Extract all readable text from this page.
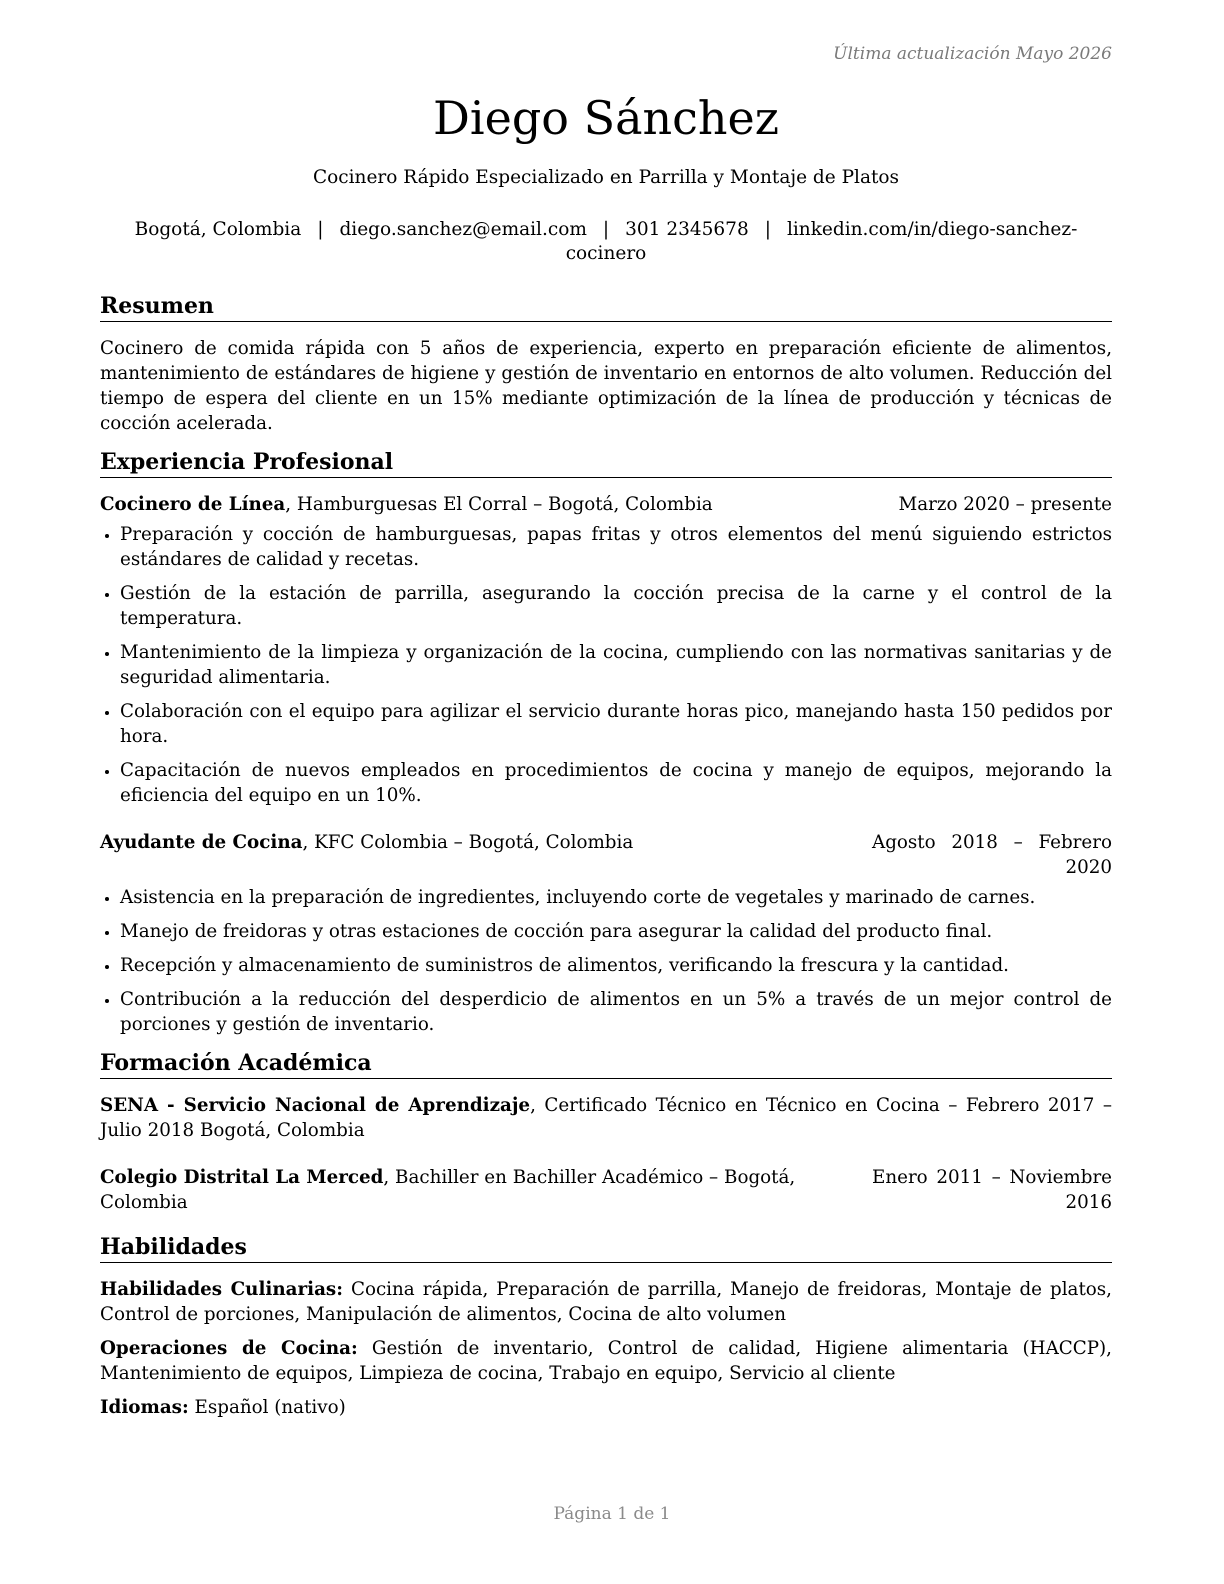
Última actualización Mayo 2026
Diego Sánchez
Cocinero Rápido Especializado en Parrilla y Montaje de Platos
Bogotá, Colombia | diego.sanchez@email.com | 301 2345678 | linkedin.com/in/diego-sanchez-cocinero
Resumen

Cocinero de comida rápida con 5 años de experiencia, experto en preparación eficiente de alimentos, mantenimiento de estándares de higiene y gestión de inventario en entornos de alto volumen. Reducción del tiempo de espera del cliente en un 15% mediante optimización de la línea de producción y técnicas de cocción acelerada.

Experiencia Profesional
Cocinero de Línea, Hamburguesas El Corral – Bogotá, Colombia	Marzo 2020 – presente
• Preparación y cocción de hamburguesas, papas fritas y otros elementos del menú siguiendo estrictos estándares de calidad y recetas.
• Gestión de la estación de parrilla, asegurando la cocción precisa de la carne y el control de la temperatura.
• Mantenimiento de la limpieza y organización de la cocina, cumpliendo con las normativas sanitarias y de seguridad alimentaria.
• Colaboración con el equipo para agilizar el servicio durante horas pico, manejando hasta 150 pedidos por hora.
• Capacitación de nuevos empleados en procedimientos de cocina y manejo de equipos, mejorando la eficiencia del equipo en un 10%.
Ayudante de Cocina, KFC Colombia – Bogotá, Colombia	Agosto 2018 – Febrero 2020
• Asistencia en la preparación de ingredientes, incluyendo corte de vegetales y marinado de carnes.
• Manejo de freidoras y otras estaciones de cocción para asegurar la calidad del producto final.
• Recepción y almacenamiento de suministros de alimentos, verificando la frescura y la cantidad.
• Contribución a la reducción del desperdicio de alimentos en un 5% a través de un mejor control de porciones y gestión de inventario.
Formación Académica

SENA - Servicio Nacional de Aprendizaje, Certificado Técnico en Técnico en Cocina – Febrero 2017 – Julio 2018 Bogotá, Colombia

Colegio Distrital La Merced, Bachiller en Bachiller Académico – Bogotá, Colombia
Enero 2011 – Noviembre 2016
Habilidades

Habilidades Culinarias: Cocina rápida, Preparación de parrilla, Manejo de freidoras, Montaje de platos, Control de porciones, Manipulación de alimentos, Cocina de alto volumen

Operaciones de Cocina: Gestión de inventario, Control de calidad, Higiene alimentaria (HACCP), Mantenimiento de equipos, Limpieza de cocina, Trabajo en equipo, Servicio al cliente

Idiomas: Español (nativo)

Página 1 de 1
